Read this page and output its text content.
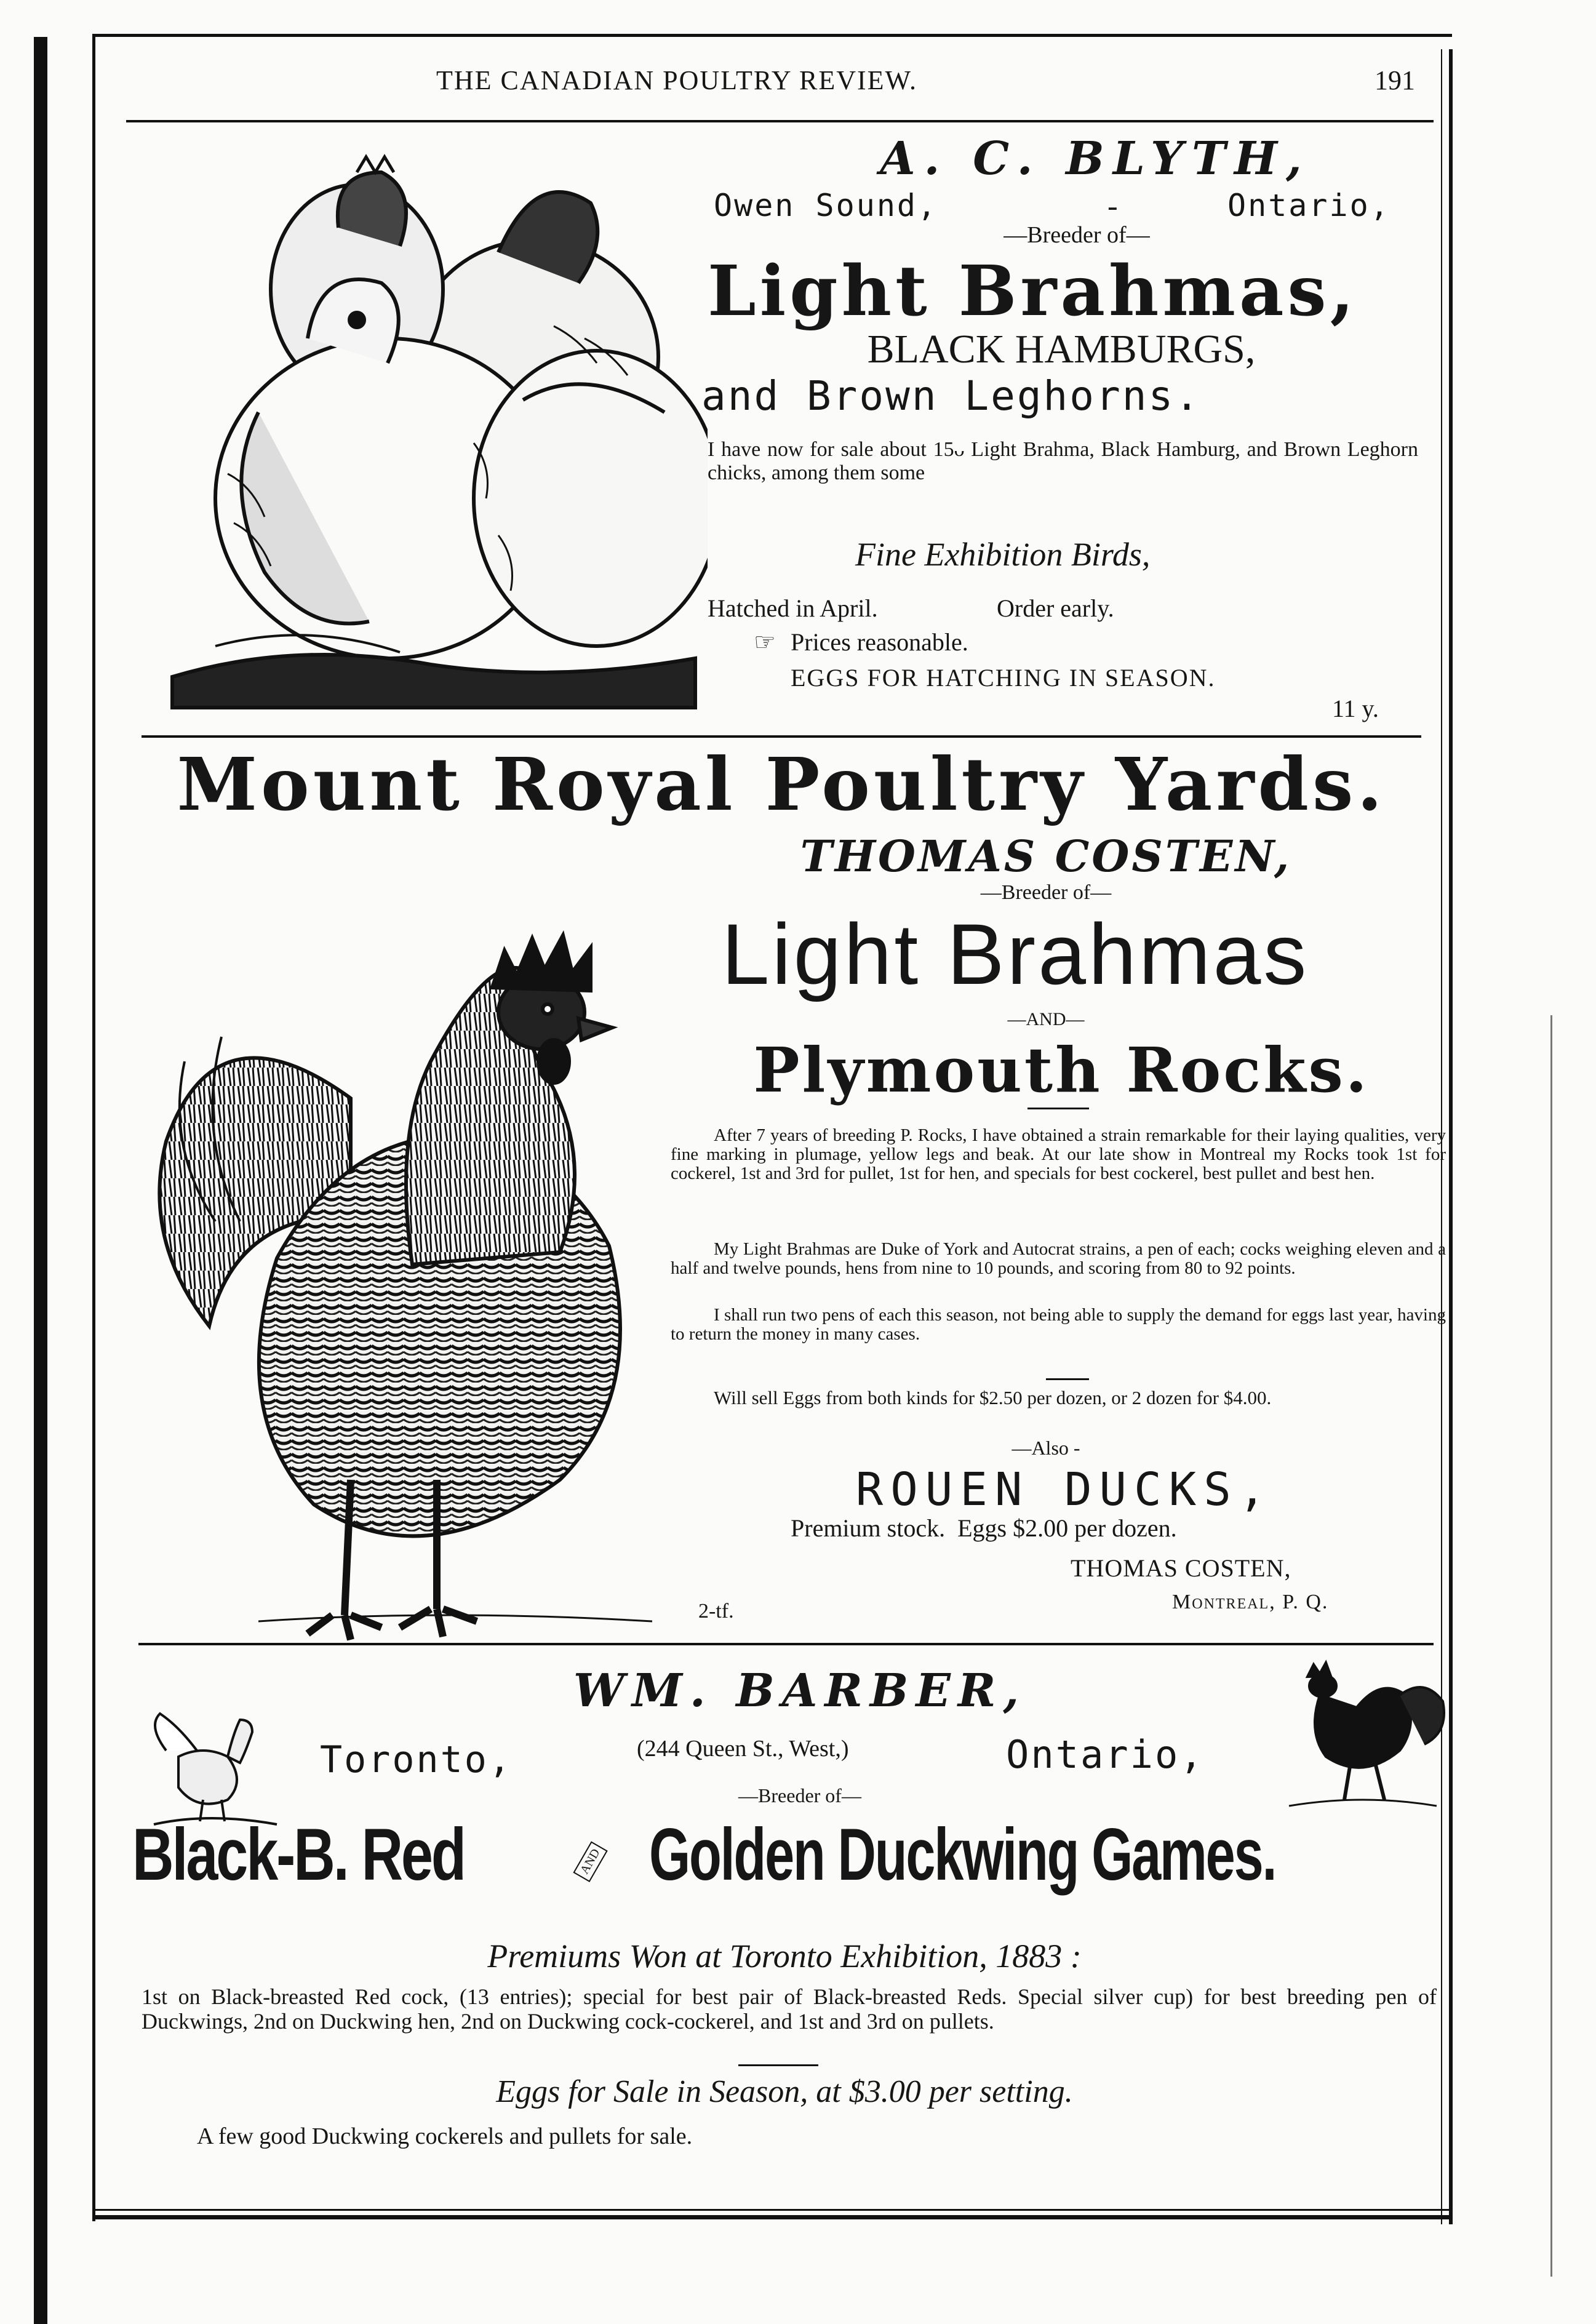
THE CANADIAN POULTRY REVIEW.	191
A. C. BLYTH,
Owen Sound,	-	Ontario,
—Breeder of—
Light Brahmas,
BLACK HAMBURGS,
and Brown Leghorns.
I have now for sale about 15ᴗ Light Brahma, Black Hamburg, and Brown Leghorn chicks, among them some
Fine Exhibition Birds,
Hatched in April.	Order early.
☞ Prices reasonable.
EGGS FOR HATCHING IN SEASON.
11 y.
Mount Royal Poultry Yards.
THOMAS COSTEN,
—Breeder of—
Light Brahmas
—AND—
Plymouth Rocks.
After 7 years of breeding P. Rocks, I have obtained a strain remarkable for their laying qualities, very fine marking in plumage, yellow legs and beak. At our late show in Montreal my Rocks took 1st for cockerel, 1st and 3rd for pullet, 1st for hen, and specials for best cockerel, best pullet and best hen.
My Light Brahmas are Duke of York and Autocrat strains, a pen of each; cocks weighing eleven and a half and twelve pounds, hens from nine to 10 pounds, and scoring from 80 to 92 points.
I shall run two pens of each this season, not being able to supply the demand for eggs last year, having to return the money in many cases.
Will sell Eggs from both kinds for $2.50 per dozen, or 2 dozen for $4.00.
—Also -
ROUEN DUCKS,
Premium stock.  Eggs $2.00 per dozen.
THOMAS COSTEN,
Montreal, P. Q.
2-tf.
WM. BARBER,
Toronto,	(244 Queen St., West,)	Ontario,
—Breeder of—
Black-B. Red	AND Golden Duckwing Games.
Premiums Won at Toronto Exhibition, 1883 :
1st on Black-breasted Red cock, (13 entries); special for best pair of Black-breasted Reds. Special silver cup) for best breeding pen of Duckwings, 2nd on Duckwing hen, 2nd on Duckwing cock-cockerel, and 1st and 3rd on pullets.
Eggs for Sale in Season, at $3.00 per setting.
A few good Duckwing cockerels and pullets for sale.
